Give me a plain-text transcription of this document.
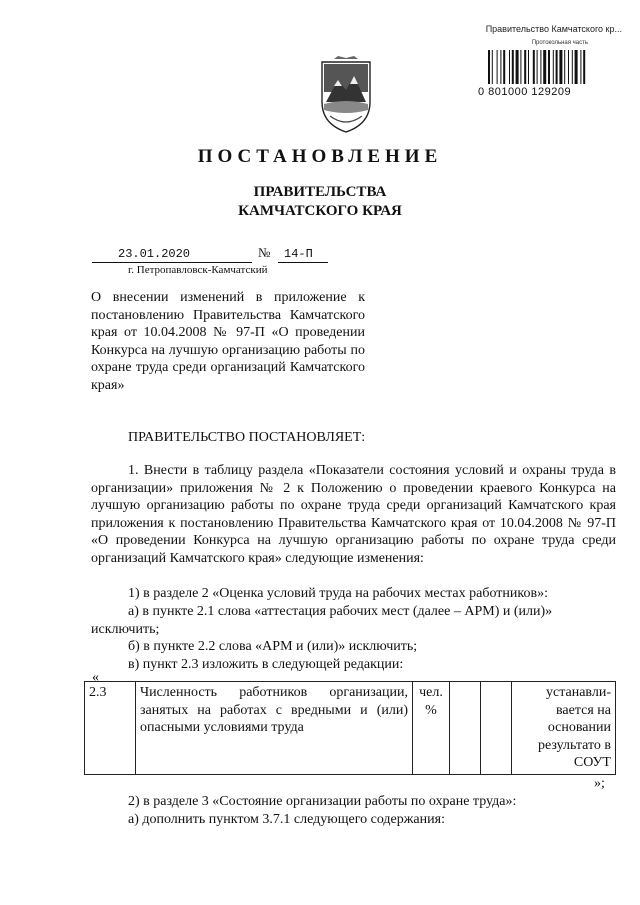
Правительство Камчатского кр...
Протокольная часть
0 801000 129209
ПОСТАНОВЛЕНИЕ
ПРАВИТЕЛЬСТВА
КАМЧАТСКОГО КРАЯ
23.01.2020	№ 14-П
г. Петропавловск-Камчатский
О внесении изменений в приложение к постановлению Правительства Камчатского края от 10.04.2008 № 97-П «О проведении Конкурса на лучшую организацию работы по охране труда среди организаций Камчатского края»
ПРАВИТЕЛЬСТВО ПОСТАНОВЛЯЕТ:
1. Внести в таблицу раздела «Показатели состояния условий и охраны труда в организации» приложения № 2 к Положению о проведении краевого Конкурса на лучшую организацию работы по охране труда среди организаций Камчатского края приложения к постановлению Правительства Камчатского края от 10.04.2008 № 97-П «О проведении Конкурса на лучшую организацию работы по охране труда среди организаций Камчатского края» следующие изменения:
1) в разделе 2 «Оценка условий труда на рабочих местах работников»:
а) в пункте 2.1 слова «аттестация рабочих мест (далее – АРМ) и (или)» исключить;
б) в пункте 2.2 слова «АРМ и (или)» исключить;
в) пункт 2.3 изложить в следующей редакции:
«
2.3	Численность работников организации, занятых на работах с вредными и (или) опасными условиями труда	чел. %			устанавли-вается на основании результато в СОУТ
»;
2) в разделе 3 «Состояние организации работы по охране труда»:
а) дополнить пунктом 3.7.1 следующего содержания:
